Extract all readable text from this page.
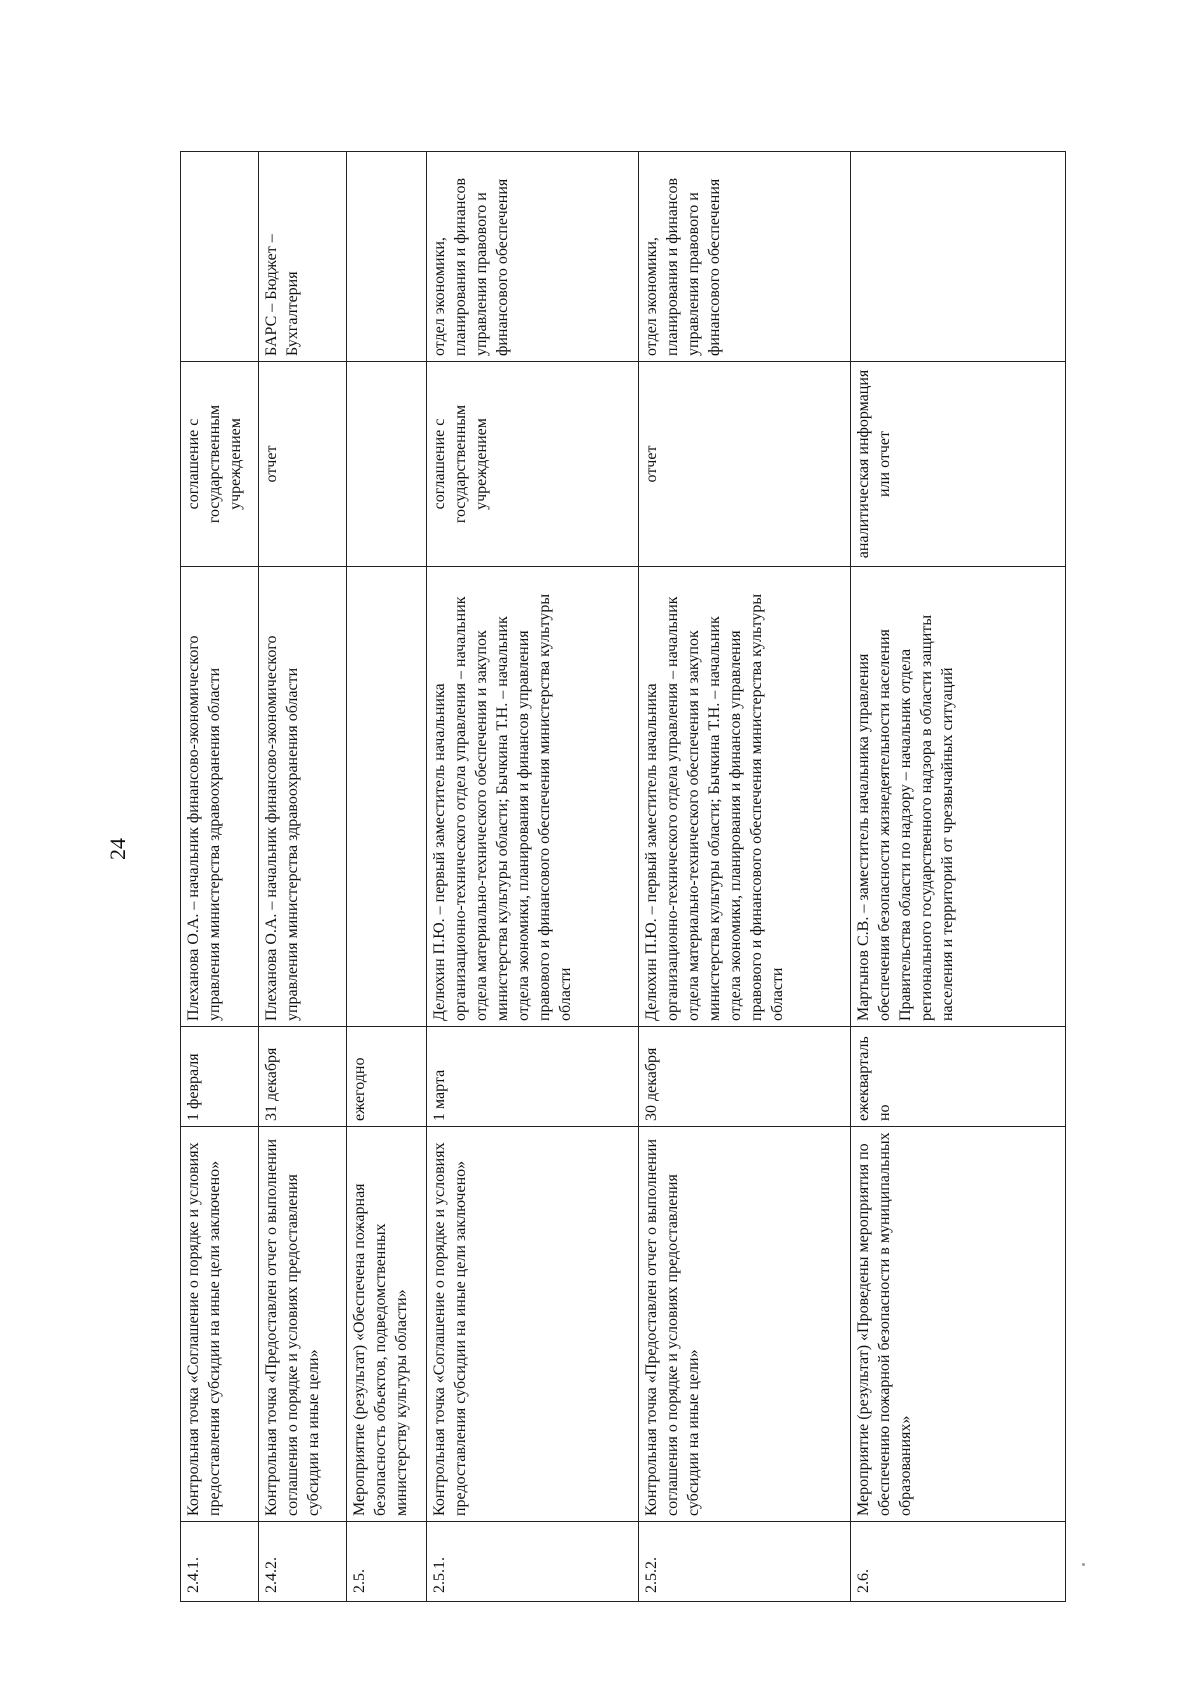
24
2.4.1.	Контрольная точка «Соглашение о порядке и условиях предоставления субсидии на иные цели заключено»	1 февраля	Плеханова О.А. – начальник финансово-экономического управления министерства здравоохранения области	соглашение с государственным учреждением	
2.4.2.	Контрольная точка «Предоставлен отчет о выполнении соглашения о порядке и условиях предоставления субсидии на иные цели»	31 декабря	Плеханова О.А. – начальник финансово-экономического управления министерства здравоохранения области	отчет	БАРС – Бюджет – Бухгалтерия
2.5.	Мероприятие (результат) «Обеспечена пожарная безопасность объектов, подведомственных министерству культуры области»	ежегодно			
2.5.1.	Контрольная точка «Соглашение о порядке и условиях предоставления субсидии на иные цели заключено»	1 марта	Делюхин П.Ю. – первый заместитель начальника организационно-технического отдела управления – начальник отдела материально-технического обеспечения и закупок министерства культуры области; Бычкина Т.Н. – начальник отдела экономики, планирования и финансов управления правового и финансового обеспечения министерства культуры области	соглашение с государственным учреждением	отдел экономики, планирования и финансов управления правового и финансового обеспечения
2.5.2.	Контрольная точка «Предоставлен отчет о выполнении соглашения о порядке и условиях предоставления субсидии на иные цели»	30 декабря	Делюхин П.Ю. – первый заместитель начальника организационно-технического отдела управления – начальник отдела материально-технического обеспечения и закупок министерства культуры области; Бычкина Т.Н. – начальник отдела экономики, планирования и финансов управления правового и финансового обеспечения министерства культуры области	отчет	отдел экономики, планирования и финансов управления правового и финансового обеспечения
2.6.	Мероприятие (результат) «Проведены мероприятия по обеспечению пожарной безопасности в муниципальных образованиях»	ежеквартально	Мартынов С.В. – заместитель начальника управления обеспечения безопасности жизнедеятельности населения Правительства области по надзору – начальник отдела регионального государственного надзора в области защиты населения и территорий от чрезвычайных ситуаций	аналитическая информация или отчет	
